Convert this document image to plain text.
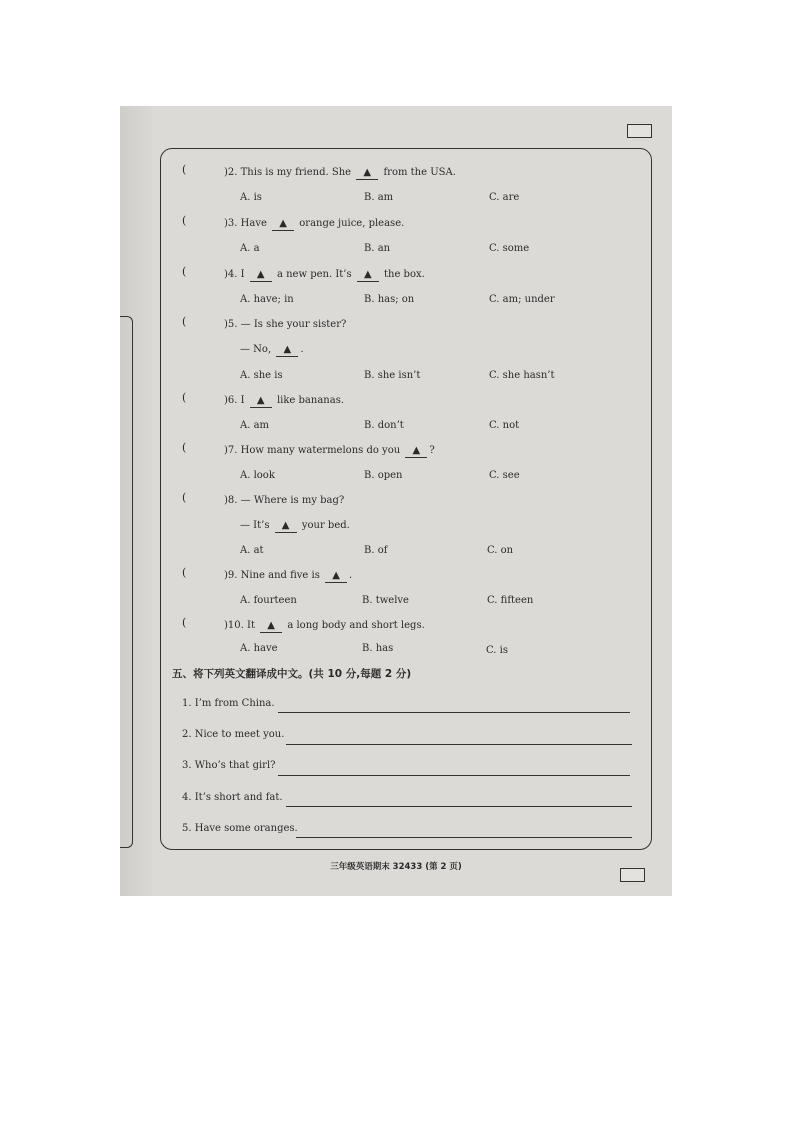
(	)2. This is my friend. She ▲ from the USA.
A. is	B. am	C. are
(	)3. Have ▲ orange juice, please.
A. a	B. an	C. some
(	)4. I ▲ a new pen. It’s ▲ the box.
A. have; in	B. has; on	C. am; under
(	)5. — Is she your sister?
— No, ▲ .
A. she is	B. she isn’t	C. she hasn’t
(	)6. I ▲ like bananas.
A. am	B. don’t	C. not
(	)7. How many watermelons do you ▲ ?
A. look	B. open	C. see
(	)8. — Where is my bag?
— It’s ▲ your bed.
A. at	B. of	C. on
(	)9. Nine and five is ▲ .
A. fourteen	B. twelve	C. fifteen
(	)10. It ▲ a long body and short legs.
A. have	B. has	C. is
五、将下列英文翻译成中文。(共 10 分,每题 2 分)
1. I’m from China.
2. Nice to meet you.
3. Who’s that girl?
4. It’s short and fat.
5. Have some oranges.
三年级英语期末 32433 (第 2 页)
